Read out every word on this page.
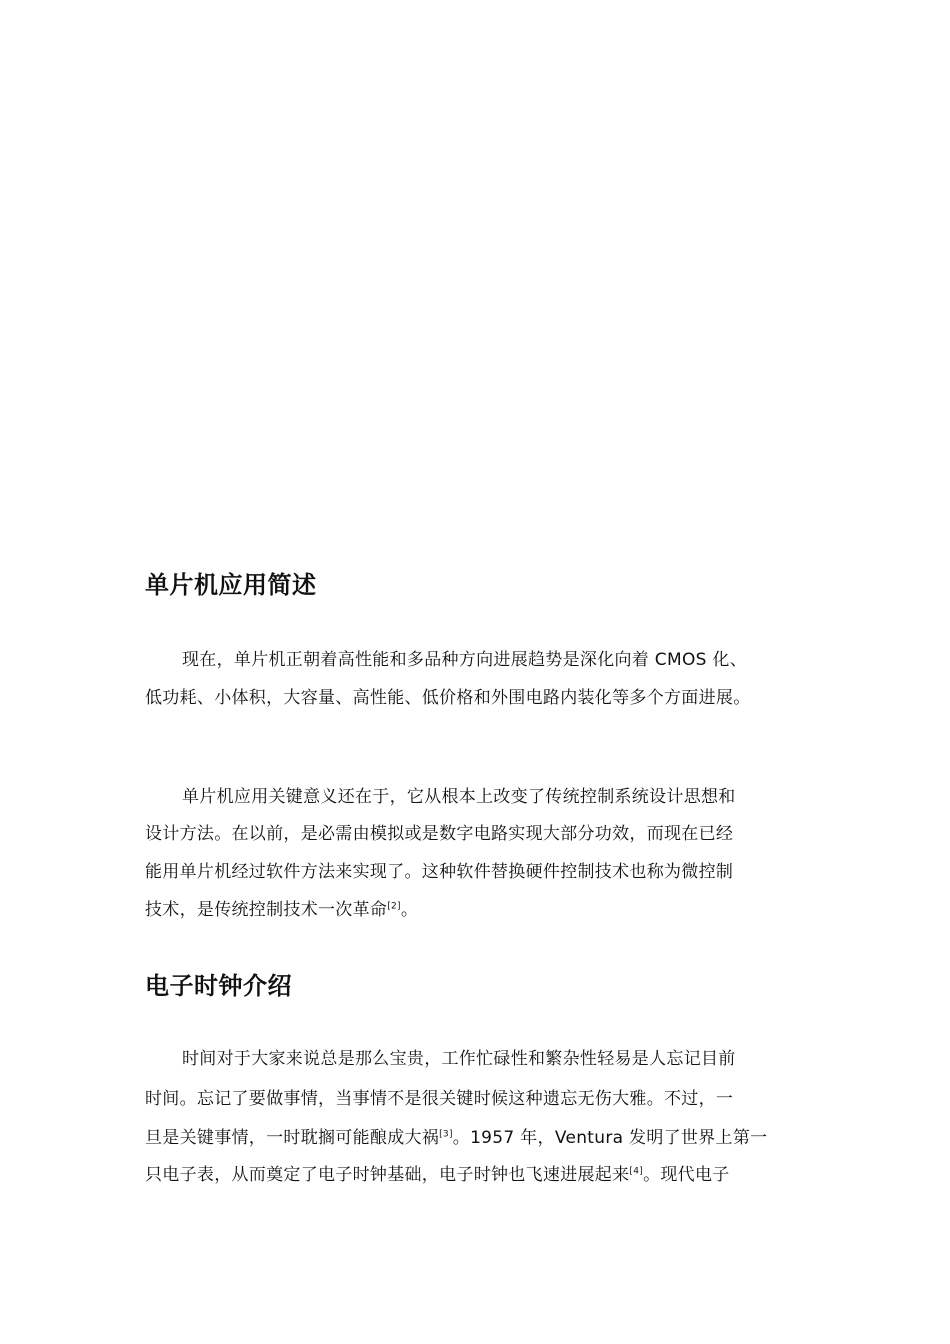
单片机应用简述

现在，单片机正朝着高性能和多品种方向进展趋势是深化向着 CMOS 化、

低功耗、小体积，大容量、高性能、低价格和外围电路内装化等多个方面进展。

单片机应用关键意义还在于，它从根本上改变了传统控制系统设计思想和

设计方法。在以前，是必需由模拟或是数字电路实现大部分功效，而现在已经

能用单片机经过软件方法来实现了。这种软件替换硬件控制技术也称为微控制

技术，是传统控制技术一次革命[2]。

电子时钟介绍

时间对于大家来说总是那么宝贵，工作忙碌性和繁杂性轻易是人忘记目前

时间。忘记了要做事情，当事情不是很关键时候这种遗忘无伤大雅。不过，一

旦是关键事情，一时耽搁可能酿成大祸[3]。1957 年，Ventura 发明了世界上第一

只电子表，从而奠定了电子时钟基础，电子时钟也飞速进展起来[4]。现代电子
